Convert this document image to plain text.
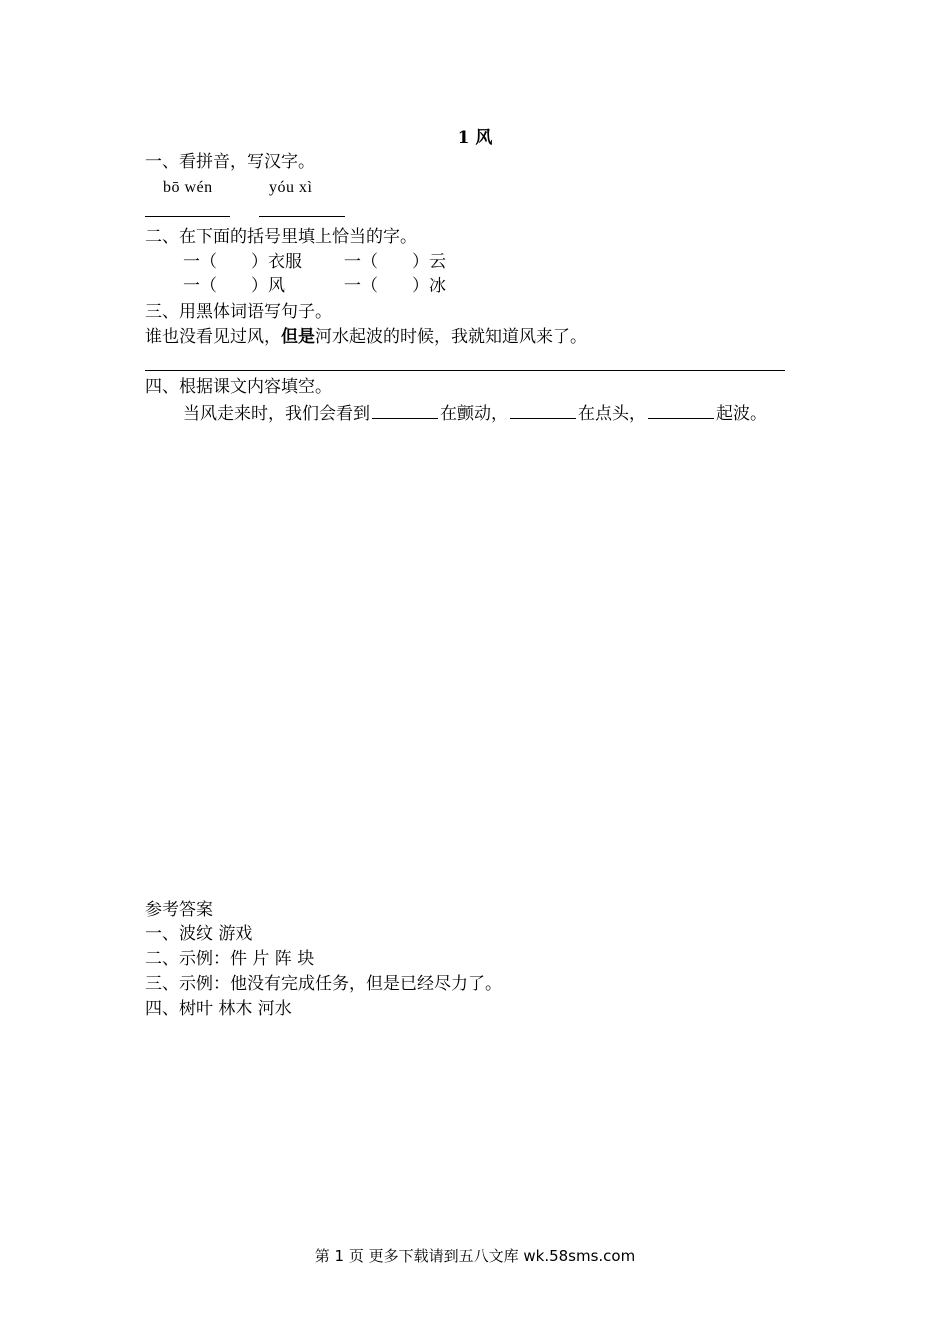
1 风
一、看拼音，写汉字。
bō wén	yóu xì
二、在下面的括号里填上恰当的字。
一（ ）衣服 一（ ）云
一（ ）风	一（ ）冰
三、用黑体词语写句子。
谁也没看见过风，但是河水起波的时候，我就知道风来了。
四、根据课文内容填空。
当风走来时，我们会看到	在颤动，	在点头，	起波。
参考答案
一、波纹 游戏
二、示例：件 片 阵 块
三、示例：他没有完成任务，但是已经尽力了。
四、树叶 林木 河水
第 1 页 更多下载请到五八文库 wk.58sms.com
